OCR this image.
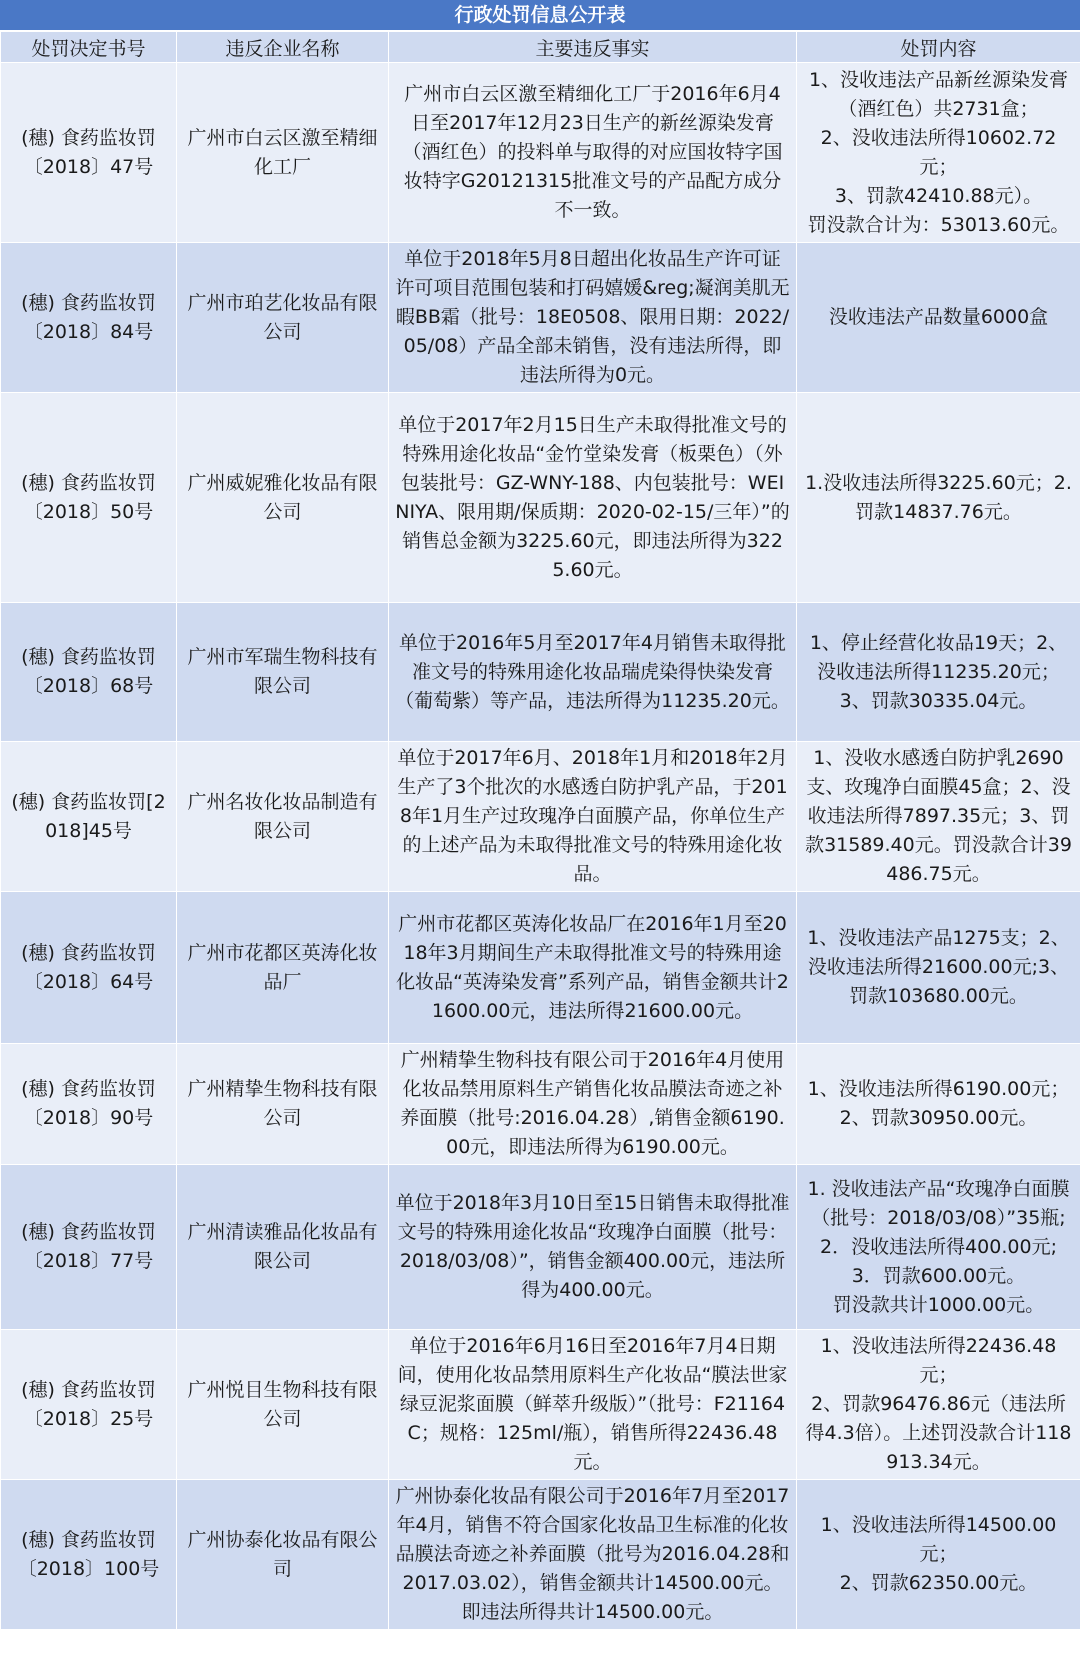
行政处罚信息公开表
处罚决定书号	违反企业名称	主要违反事实	处罚内容
(穗) 食药监妆罚〔2018〕47号	广州市白云区激至精细化工厂	广州市白云区激至精细化工厂于2016年6月4日至2017年12月23日生产的新丝源染发膏（酒红色）的投料单与取得的对应国妆特字国妆特字G20121315批准文号的产品配方成分不一致。	1、没收违法产品新丝源染发膏（酒红色）共2731盒；
2、没收违法所得10602.72元；
3、罚款42410.88元）。
罚没款合计为：53013.60元。
(穗) 食药监妆罚〔2018〕84号	广州市珀艺化妆品有限公司	单位于2018年5月8日超出化妆品生产许可证许可项目范围包装和打码嬉媛&reg;凝润美肌无暇BB霜（批号：18E0508、限用日期：2022/05/08）产品全部未销售，没有违法所得，即违法所得为0元。	没收违法产品数量6000盒
(穗) 食药监妆罚〔2018〕50号	广州威妮雅化妆品有限公司	单位于2017年2月15日生产未取得批准文号的特殊用途化妆品“金竹堂染发膏（板栗色）（外包装批号：GZ-WNY-188、内包装批号：WEINIYA、限用期/保质期：2020-02-15/三年）”的销售总金额为3225.60元，即违法所得为3225.60元。	1.没收违法所得3225.60元；2.罚款14837.76元。
(穗) 食药监妆罚〔2018〕68号	广州市军瑞生物科技有限公司	单位于2016年5月至2017年4月销售未取得批准文号的特殊用途化妆品瑞虎染得快染发膏（葡萄紫）等产品，违法所得为11235.20元。	1、停止经营化妆品19天；2、没收违法所得11235.20元；3、罚款30335.04元。
(穗) 食药监妆罚[2018]45号	广州名妆化妆品制造有限公司	单位于2017年6月、2018年1月和2018年2月生产了3个批次的水感透白防护乳产品，于2018年1月生产过玫瑰净白面膜产品，你单位生产的上述产品为未取得批准文号的特殊用途化妆品。	1、没收水感透白防护乳2690支、玫瑰净白面膜45盒；2、没收违法所得7897.35元；3、罚款31589.40元。罚没款合计39486.75元。
(穗) 食药监妆罚〔2018〕64号	广州市花都区英涛化妆品厂	广州市花都区英涛化妆品厂在2016年1月至2018年3月期间生产未取得批准文号的特殊用途化妆品“英涛染发膏”系列产品，销售金额共计21600.00元，违法所得21600.00元。	1、没收违法产品1275支；2、没收违法所得21600.00元;3、罚款103680.00元。
(穗) 食药监妆罚〔2018〕90号	广州精挚生物科技有限公司	广州精挚生物科技有限公司于2016年4月使用化妆品禁用原料生产销售化妆品膜法奇迹之补养面膜（批号:2016.04.28）,销售金额6190.00元，即违法所得为6190.00元。	1、没收违法所得6190.00元；2、罚款30950.00元。
(穗) 食药监妆罚〔2018〕77号	广州清读雅品化妆品有限公司	单位于2018年3月10日至15日销售未取得批准文号的特殊用途化妆品“玫瑰净白面膜（批号：2018/03/08）”，销售金额400.00元，违法所得为400.00元。	1. 没收违法产品“玫瑰净白面膜（批号：2018/03/08）”35瓶;
2．没收违法所得400.00元;
3．罚款600.00元。
罚没款共计1000.00元。
(穗) 食药监妆罚〔2018〕25号	广州悦目生物科技有限公司	单位于2016年6月16日至2016年7月4日期间，使用化妆品禁用原料生产化妆品“膜法世家 绿豆泥浆面膜（鲜萃升级版）”（批号：F21164C；规格：125ml/瓶），销售所得22436.48元。	1、没收违法所得22436.48元；
2、罚款96476.86元（违法所得4.3倍）。上述罚没款合计118913.34元。
(穗) 食药监妆罚〔2018〕100号	广州协泰化妆品有限公司	广州协泰化妆品有限公司于2016年7月至2017年4月，销售不符合国家化妆品卫生标准的化妆品膜法奇迹之补养面膜（批号为2016.04.28和2017.03.02），销售金额共计14500.00元。即违法所得共计14500.00元。	1、没收违法所得14500.00元；
2、罚款62350.00元。
